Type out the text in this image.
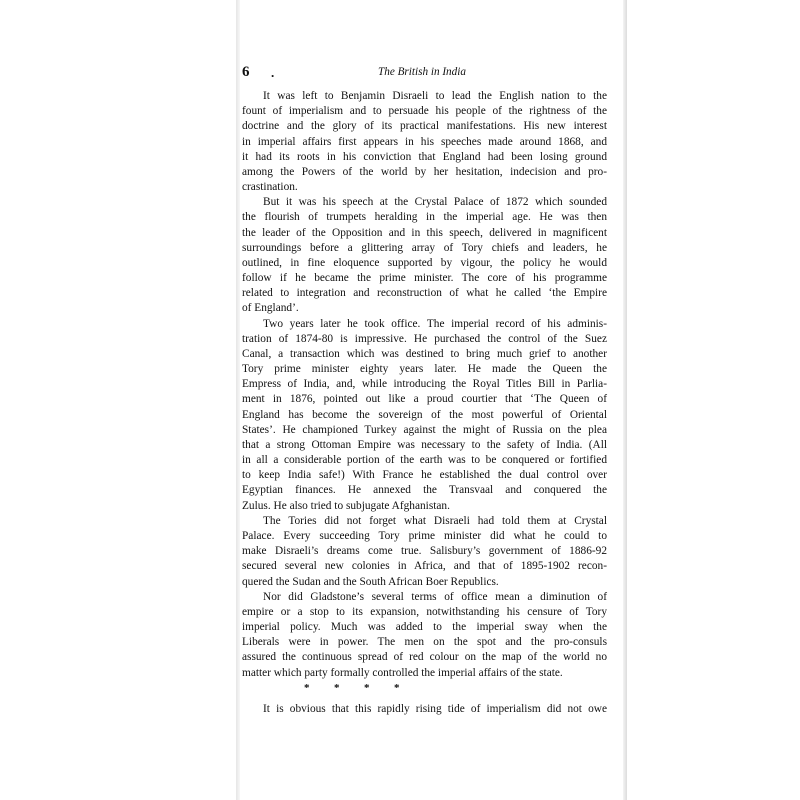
6 .	The British in India
It was left to Benjamin Disraeli to lead the English nation to the
fount of imperialism and to persuade his people of the rightness of the
doctrine and the glory of its practical manifestations. His new interest
in imperial affairs first appears in his speeches made around 1868, and
it had its roots in his conviction that England had been losing ground
among the Powers of the world by her hesitation, indecision and pro-
crastination.
But it was his speech at the Crystal Palace of 1872 which sounded
the flourish of trumpets heralding in the imperial age. He was then
the leader of the Opposition and in this speech, delivered in magnificent
surroundings before a glittering array of Tory chiefs and leaders, he
outlined, in fine eloquence supported by vigour, the policy he would
follow if he became the prime minister. The core of his programme
related to integration and reconstruction of what he called ‘the Empire
of England’.
Two years later he took office. The imperial record of his adminis-
tration of 1874-80 is impressive. He purchased the control of the Suez
Canal, a transaction which was destined to bring much grief to another
Tory prime minister eighty years later. He made the Queen the
Empress of India, and, while introducing the Royal Titles Bill in Parlia-
ment in 1876, pointed out like a proud courtier that ‘The Queen of
England has become the sovereign of the most powerful of Oriental
States’. He championed Turkey against the might of Russia on the plea
that a strong Ottoman Empire was necessary to the safety of India. (All
in all a considerable portion of the earth was to be conquered or fortified
to keep India safe!) With France he established the dual control over
Egyptian finances. He annexed the Transvaal and conquered the
Zulus. He also tried to subjugate Afghanistan.
The Tories did not forget what Disraeli had told them at Crystal
Palace. Every succeeding Tory prime minister did what he could to
make Disraeli’s dreams come true. Salisbury’s government of 1886-92
secured several new colonies in Africa, and that of 1895-1902 recon-
quered the Sudan and the South African Boer Republics.
Nor did Gladstone’s several terms of office mean a diminution of
empire or a stop to its expansion, notwithstanding his censure of Tory
imperial policy. Much was added to the imperial sway when the
Liberals were in power. The men on the spot and the pro-consuls
assured the continuous spread of red colour on the map of the world no
matter which party formally controlled the imperial affairs of the state.
* * * *
It is obvious that this rapidly rising tide of imperialism did not owe
